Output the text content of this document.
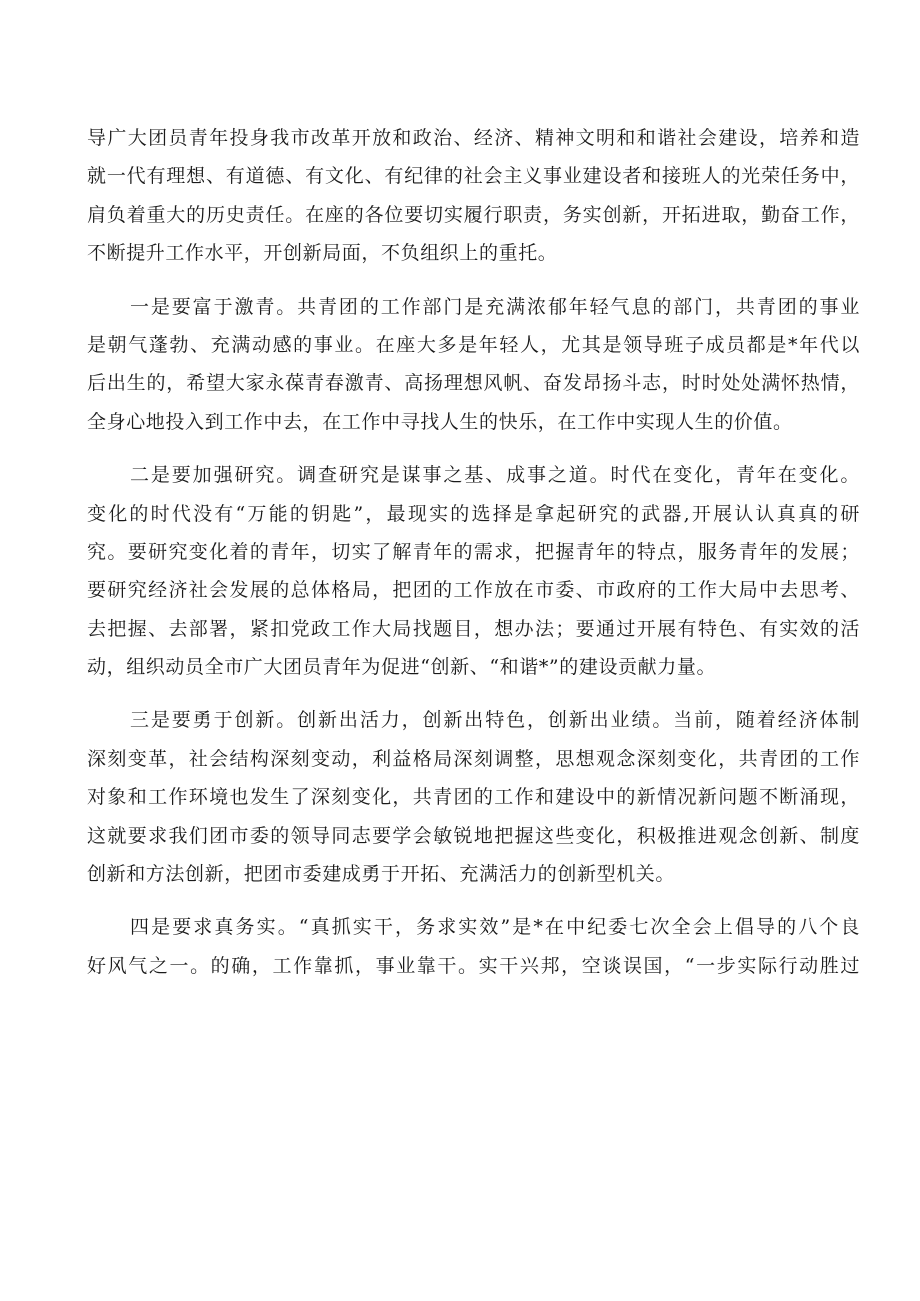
导广大团员青年投身我市改革开放和政治、经济、精神文明和和谐社会建设，培养和造
就一代有理想、有道德、有文化、有纪律的社会主义事业建设者和接班人的光荣任务中，
肩负着重大的历史责任。在座的各位要切实履行职责，务实创新，开拓进取，勤奋工作，
不断提升工作水平，开创新局面，不负组织上的重托。
一是要富于激青。共青团的工作部门是充满浓郁年轻气息的部门，共青团的事业
是朝气蓬勃、充满动感的事业。在座大多是年轻人，尤其是领导班子成员都是*年代以
后出生的，希望大家永葆青春激青、高扬理想风帆、奋发昂扬斗志，时时处处满怀热情，
全身心地投入到工作中去，在工作中寻找人生的快乐，在工作中实现人生的价值。
二是要加强研究。调查研究是谋事之基、成事之道。时代在变化，青年在变化。
变化的时代没有“万能的钥匙”，最现实的选择是拿起研究的武器,开展认认真真的研
究。要研究变化着的青年，切实了解青年的需求，把握青年的特点，服务青年的发展；
要研究经济社会发展的总体格局，把团的工作放在市委、市政府的工作大局中去思考、
去把握、去部署，紧扣党政工作大局找题目，想办法；要通过开展有特色、有实效的活
动，组织动员全市广大团员青年为促进“创新、“和谐*”的建设贡献力量。
三是要勇于创新。创新出活力，创新出特色，创新出业绩。当前，随着经济体制
深刻变革，社会结构深刻变动，利益格局深刻调整，思想观念深刻变化，共青团的工作
对象和工作环境也发生了深刻变化，共青团的工作和建设中的新情况新问题不断涌现，
这就要求我们团市委的领导同志要学会敏锐地把握这些变化，积极推进观念创新、制度
创新和方法创新，把团市委建成勇于开拓、充满活力的创新型机关。
四是要求真务实。“真抓实干，务求实效”是*在中纪委七次全会上倡导的八个良
好风气之一。的确，工作靠抓，事业靠干。实干兴邦，空谈误国，“一步实际行动胜过
